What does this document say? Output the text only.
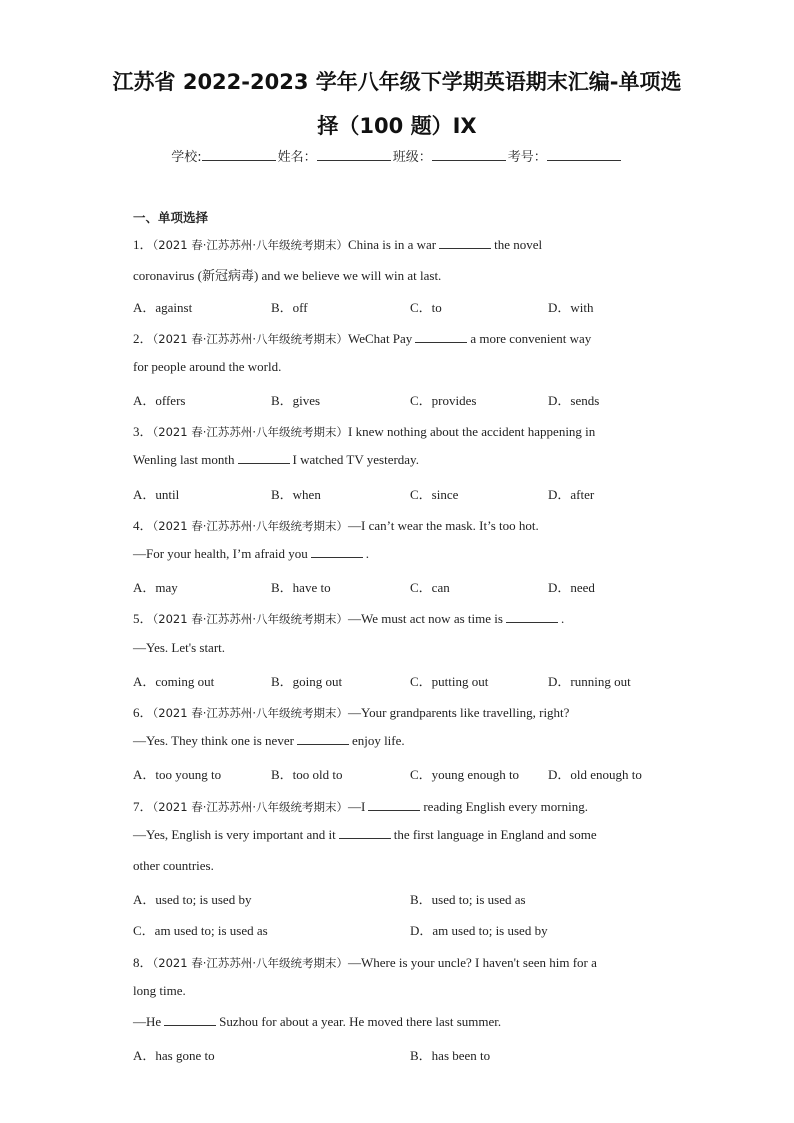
江苏省 2022-2023 学年八年级下学期英语期末汇编-单项选
择（100 题）IX
学校:	姓名：	班级：	考号：
一、单项选择
1．（2021 春·江苏苏州·八年级统考期末）China is in a war	the novel
coronavirus (新冠病毒) and we believe we will win at last.
A．against	B．off	C．to	D．with
2．（2021 春·江苏苏州·八年级统考期末）WeChat Pay	a more convenient way
for people around the world.
A．offers	B．gives	C．provides	D．sends
3．（2021 春·江苏苏州·八年级统考期末）I knew nothing about the accident happening in
Wenling last month	I watched TV yesterday.
A．until	B．when	C．since	D．after
4．（2021 春·江苏苏州·八年级统考期末）—I can’t wear the mask. It’s too hot.
—For your health, I’m afraid you	.
A．may	B．have to	C．can	D．need
5．（2021 春·江苏苏州·八年级统考期末）—We must act now as time is	.
—Yes. Let's start.
A．coming out	B．going out	C．putting out	D．running out
6．（2021 春·江苏苏州·八年级统考期末）—Your grandparents like travelling, right?
—Yes. They think one is never	enjoy life.
A．too young to	B．too old to	C．young enough to D．old enough to
7．（2021 春·江苏苏州·八年级统考期末）—I	reading English every morning.
—Yes, English is very important and it	the first language in England and some
other countries.
A．used to; is used by	B．used to; is used as
C．am used to; is used as	D．am used to; is used by
8．（2021 春·江苏苏州·八年级统考期末）—Where is your uncle? I haven't seen him for a
long time.
—He	Suzhou for about a year. He moved there last summer.
A．has gone to	B．has been to
